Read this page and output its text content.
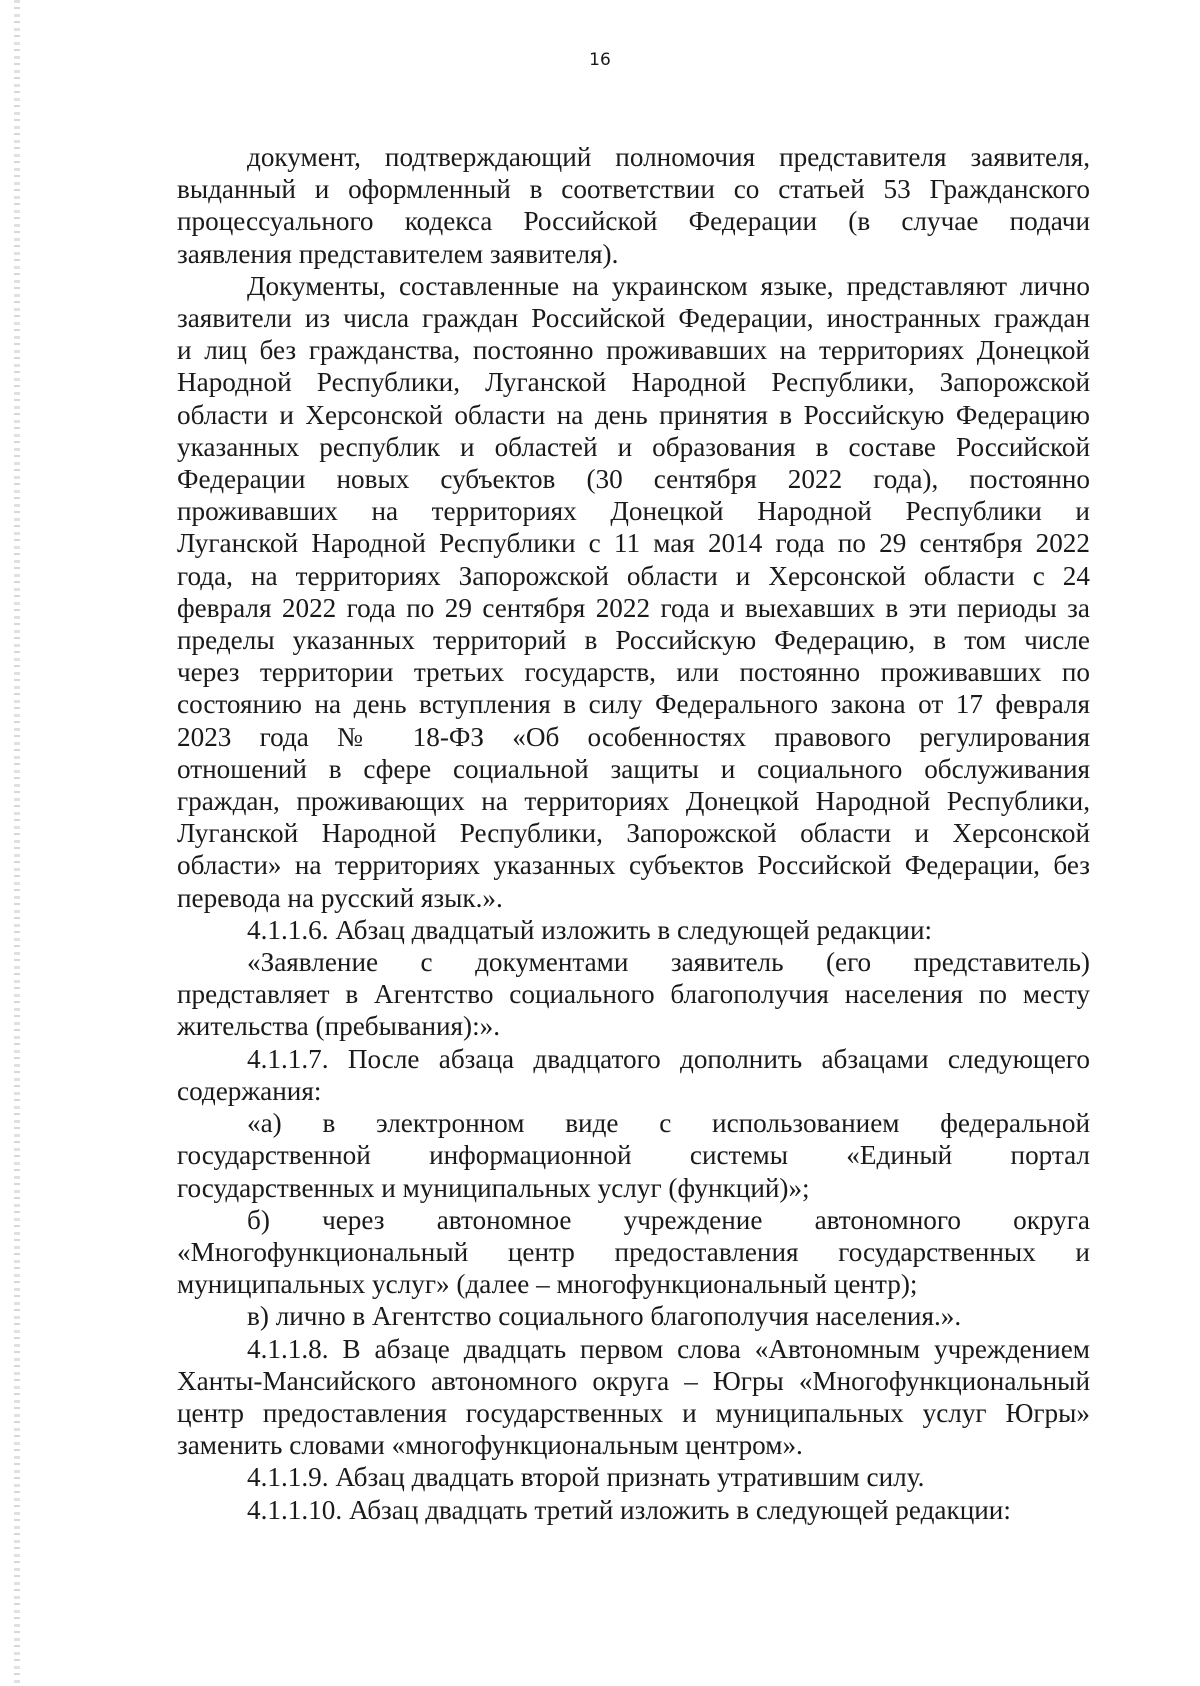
16
документ, подтверждающий полномочия представителя заявителя,
выданный и оформленный в соответствии со статьей 53 Гражданского
процессуального кодекса Российской Федерации (в случае подачи
заявления представителем заявителя).
Документы, составленные на украинском языке, представляют лично
заявители из числа граждан Российской Федерации, иностранных граждан
и лиц без гражданства, постоянно проживавших на территориях Донецкой
Народной Республики, Луганской Народной Республики, Запорожской
области и Херсонской области на день принятия в Российскую Федерацию
указанных республик и областей и образования в составе Российской
Федерации новых субъектов (30 сентября 2022 года), постоянно
проживавших на территориях Донецкой Народной Республики и
Луганской Народной Республики с 11 мая 2014 года по 29 сентября 2022
года, на территориях Запорожской области и Херсонской области с 24
февраля 2022 года по 29 сентября 2022 года и выехавших в эти периоды за
пределы указанных территорий в Российскую Федерацию, в том числе
через территории третьих государств, или постоянно проживавших по
состоянию на день вступления в силу Федерального закона от 17 февраля
2023 года № 18-ФЗ «Об особенностях правового регулирования
отношений в сфере социальной защиты и социального обслуживания
граждан, проживающих на территориях Донецкой Народной Республики,
Луганской Народной Республики, Запорожской области и Херсонской
области» на территориях указанных субъектов Российской Федерации, без
перевода на русский язык.».
4.1.1.6. Абзац двадцатый изложить в следующей редакции:
«Заявление с документами заявитель (его представитель)
представляет в Агентство социального благополучия населения по месту
жительства (пребывания):».
4.1.1.7. После абзаца двадцатого дополнить абзацами следующего
содержания:
«а) в электронном виде с использованием федеральной
государственной информационной системы «Единый портал
государственных и муниципальных услуг (функций)»;
б) через автономное учреждение автономного округа
«Многофункциональный центр предоставления государственных и
муниципальных услуг» (далее – многофункциональный центр);
в) лично в Агентство социального благополучия населения.».
4.1.1.8. В абзаце двадцать первом слова «Автономным учреждением
Ханты-Мансийского автономного округа – Югры «Многофункциональный
центр предоставления государственных и муниципальных услуг Югры»
заменить словами «многофункциональным центром».
4.1.1.9. Абзац двадцать второй признать утратившим силу.
4.1.1.10. Абзац двадцать третий изложить в следующей редакции:
